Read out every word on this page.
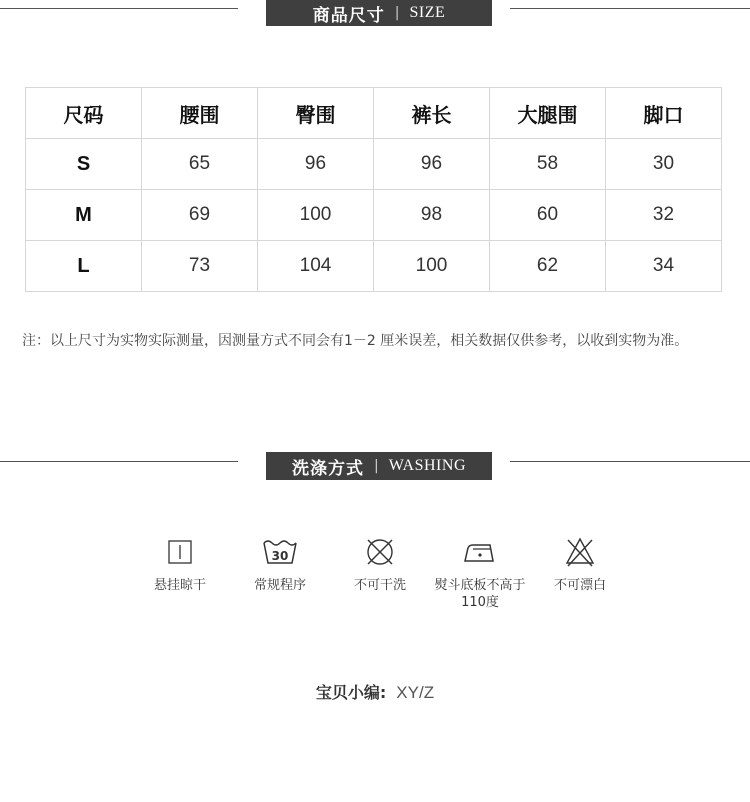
商品尺寸 | SIZE
尺码	腰围	臀围	裤长	大腿围	脚口
S	65	96	96	58	30
M	69	100	98	60	32
L	73	104	100	62	34
注：以上尺寸为实物实际测量，因测量方式不同会有1－2 厘米误差，相关数据仅供参考，以收到实物为准。
洗涤方式 | WASHING
悬挂晾干
30
常规程序	不可干洗	熨斗底板不高于110度
不可漂白
宝贝小编: XY/Z
